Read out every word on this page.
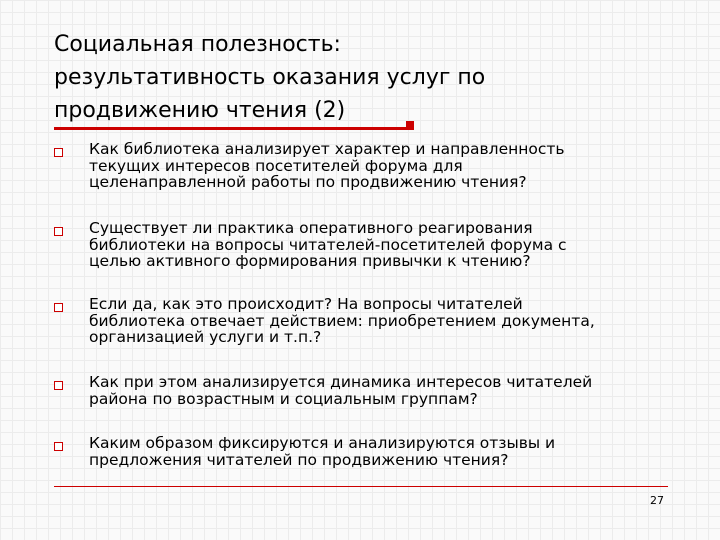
Социальная полезность:
результативность оказания услуг по
продвижению чтения (2)
Как библиотека анализирует характер и направленность
текущих интересов посетителей форума для
целенаправленной работы по продвижению чтения?
Существует ли практика оперативного реагирования
библиотеки на вопросы читателей-посетителей форума с
целью активного формирования привычки к чтению?
Если да, как это происходит? На вопросы читателей
библиотека отвечает действием: приобретением документа,
организацией услуги и т.п.?
Как при этом анализируется динамика интересов читателей
района по возрастным и социальным группам?
Каким образом фиксируются и анализируются отзывы и
предложения читателей по продвижению чтения?
27
